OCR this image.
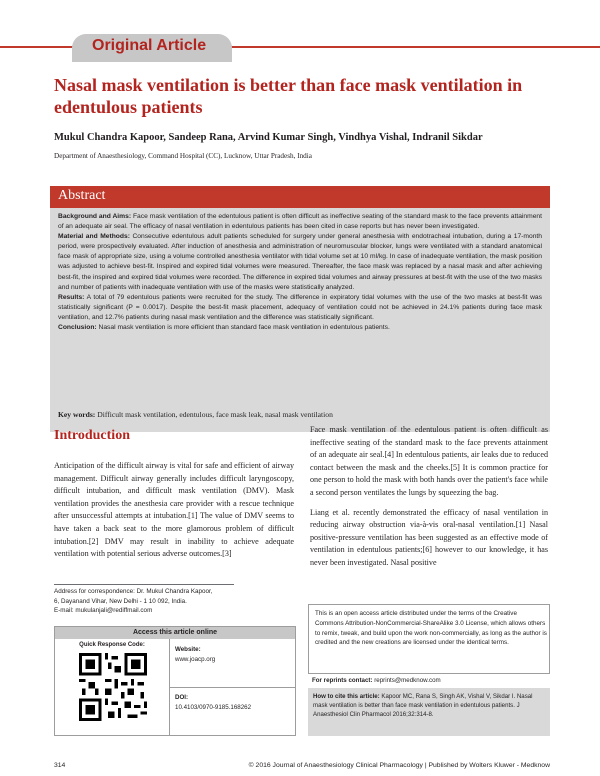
Original Article
Nasal mask ventilation is better than face mask ventilation in edentulous patients
Mukul Chandra Kapoor, Sandeep Rana, Arvind Kumar Singh, Vindhya Vishal, Indranil Sikdar
Department of Anaesthesiology, Command Hospital (CC), Lucknow, Uttar Pradesh, India
Abstract

Background and Aims: Face mask ventilation of the edentulous patient is often difficult as ineffective seating of the standard mask to the face prevents attainment of an adequate air seal. The efficacy of nasal ventilation in edentulous patients has been cited in case reports but has never been investigated.

Material and Methods: Consecutive edentulous adult patients scheduled for surgery under general anesthesia with endotracheal intubation, during a 17-month period, were prospectively evaluated. After induction of anesthesia and administration of neuromuscular blocker, lungs were ventilated with a standard anatomical face mask of appropriate size, using a volume controlled anesthesia ventilator with tidal volume set at 10 ml/kg. In case of inadequate ventilation, the mask position was adjusted to achieve best-fit. Inspired and expired tidal volumes were measured. Thereafter, the face mask was replaced by a nasal mask and after achieving best-fit, the inspired and expired tidal volumes were recorded. The difference in expired tidal volumes and airway pressures at best-fit with the use of the two masks and number of patients with inadequate ventilation with use of the masks were statistically analyzed.

Results: A total of 79 edentulous patients were recruited for the study. The difference in expiratory tidal volumes with the use of the two masks at best-fit was statistically significant (P = 0.0017). Despite the best-fit mask placement, adequacy of ventilation could not be achieved in 24.1% patients during face mask ventilation, and 12.7% patients during nasal mask ventilation and the difference was statistically significant.

Conclusion: Nasal mask ventilation is more efficient than standard face mask ventilation in edentulous patients.

Key words: Difficult mask ventilation, edentulous, face mask leak, nasal mask ventilation
Introduction

Anticipation of the difficult airway is vital for safe and efficient of airway management. Difficult airway generally includes difficult laryngoscopy, difficult intubation, and difficult mask ventilation (DMV). Mask ventilation provides the anesthesia care provider with a rescue technique after unsuccessful attempts at intubation.[1] The value of DMV seems to have taken a back seat to the more glamorous problem of difficult intubation.[2] DMV may result in inability to achieve adequate ventilation with potential serious adverse outcomes.[3]

Face mask ventilation of the edentulous patient is often difficult as ineffective seating of the standard mask to the face prevents attainment of an adequate air seal.[4] In edentulous patients, air leaks due to reduced contact between the mask and the cheeks.[5] It is common practice for one person to hold the mask with both hands over the patient's face while a second person ventilates the lungs by squeezing the bag.

Liang et al. recently demonstrated the efficacy of nasal ventilation in reducing airway obstruction via-à-vis oral-nasal ventilation.[1] Nasal positive-pressure ventilation has been suggested as an effective mode of ventilation in edentulous patients;[6] however to our knowledge, it has never been investigated. Nasal positive

Address for correspondence: Dr. Mukul Chandra Kapoor,
6, Dayanand Vihar, New Delhi - 1 10 092, India.
E-mail: mukulanjali@rediffmail.com
Access this article online
Quick Response Code:
Website:
www.joacp.org
DOI:
10.4103/0970-9185.168262
This is an open access article distributed under the terms of the Creative Commons Attribution-NonCommercial-ShareAlike 3.0 License, which allows others to remix, tweak, and build upon the work non-commercially, as long as the author is credited and the new creations are licensed under the identical terms.
For reprints contact: reprints@medknow.com
How to cite this article: Kapoor MC, Rana S, Singh AK, Vishal V, Sikdar I. Nasal mask ventilation is better than face mask ventilation in edentulous patients. J Anaesthesiol Clin Pharmacol 2016;32:314-8.
314	© 2016 Journal of Anaesthesiology Clinical Pharmacology | Published by Wolters Kluwer - Medknow
